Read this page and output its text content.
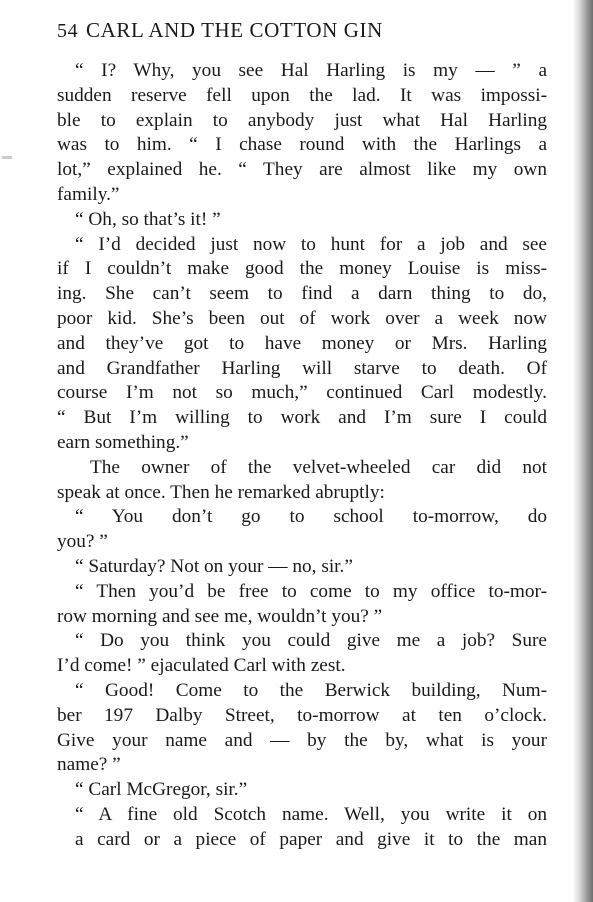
54 CARL AND THE COTTON GIN
“ I? Why, you see Hal Harling is my — ” a
sudden reserve fell upon the lad. It was impossi-
ble to explain to anybody just what Hal Harling
was to him. “ I chase round with the Harlings a
lot,” explained he. “ They are almost like my own
family.”
“ Oh, so that’s it! ”
“ I’d decided just now to hunt for a job and see
if I couldn’t make good the money Louise is miss-
ing. She can’t seem to find a darn thing to do,
poor kid. She’s been out of work over a week now
and they’ve got to have money or Mrs. Harling
and Grandfather Harling will starve to death. Of
course I’m not so much,” continued Carl modestly.
“ But I’m willing to work and I’m sure I could
earn something.”
The owner of the velvet-wheeled car did not
speak at once. Then he remarked abruptly:
“ You don’t go to school to-morrow, do
you? ”
“ Saturday? Not on your — no, sir.”
“ Then you’d be free to come to my office to-mor-
row morning and see me, wouldn’t you? ”
“ Do you think you could give me a job? Sure
I’d come! ” ejaculated Carl with zest.
“ Good! Come to the Berwick building, Num-
ber 197 Dalby Street, to-morrow at ten o’clock.
Give your name and — by the by, what is your
name? ”
“ Carl McGregor, sir.”
“ A fine old Scotch name. Well, you write it on
a card or a piece of paper and give it to the man
